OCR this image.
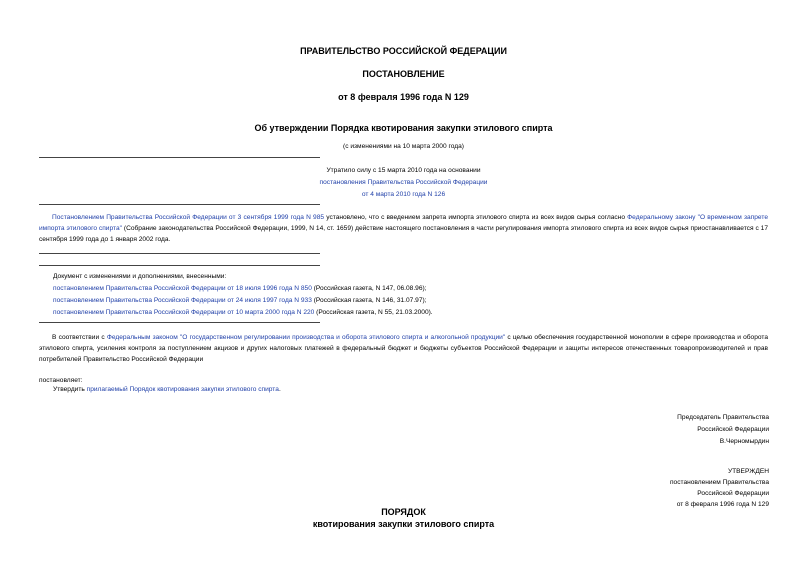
ПРАВИТЕЛЬСТВО РОССИЙСКОЙ ФЕДЕРАЦИИ
ПОСТАНОВЛЕНИЕ
от 8 февраля 1996 года N 129
Об утверждении Порядка квотирования закупки этилового спирта
(с изменениями на 10 марта 2000 года)
Утратило силу с 15 марта 2010 года на основании
постановления Правительства Российской Федерации
от 4 марта 2010 года N 126
Постановлением Правительства Российской Федерации от 3 сентября 1999 года N 985 установлено, что с введением запрета импорта этилового спирта из всех видов сырья согласно Федеральному закону "О временном запрете импорта этилового спирта" (Собрание законодательства Российской Федерации, 1999, N 14, ст. 1659) действие настоящего постановления в части регулирования импорта этилового спирта из всех видов сырья приостанавливается с 17 сентября 1999 года до 1 января 2002 года.
Документ с изменениями и дополнениями, внесенными:
постановлением Правительства Российской Федерации от 18 июля 1996 года N 850 (Российская газета, N 147, 06.08.96);
постановлением Правительства Российской Федерации от 24 июля 1997 года N 933 (Российская газета, N 146, 31.07.97);
постановлением Правительства Российской Федерации от 10 марта 2000 года N 220 (Российская газета, N 55, 21.03.2000).
В соответствии с Федеральным законом "О государственном регулировании производства и оборота этилового спирта и алкогольной продукции" с целью обеспечения государственной монополии в сфере производства и оборота этилового спирта, усиления контроля за поступлением акцизов и других налоговых платежей в федеральный бюджет и бюджеты субъектов Российской Федерации и защиты интересов отечественных товаропроизводителей и прав потребителей Правительство Российской Федерации
постановляет:
Утвердить прилагаемый Порядок квотирования закупки этилового спирта.
Председатель Правительства
Российской Федерации
В.Черномырдин
УТВЕРЖДЕН
постановлением Правительства
Российской Федерации
от 8 февраля 1996 года N 129
ПОРЯДОК
квотирования закупки этилового спирта
